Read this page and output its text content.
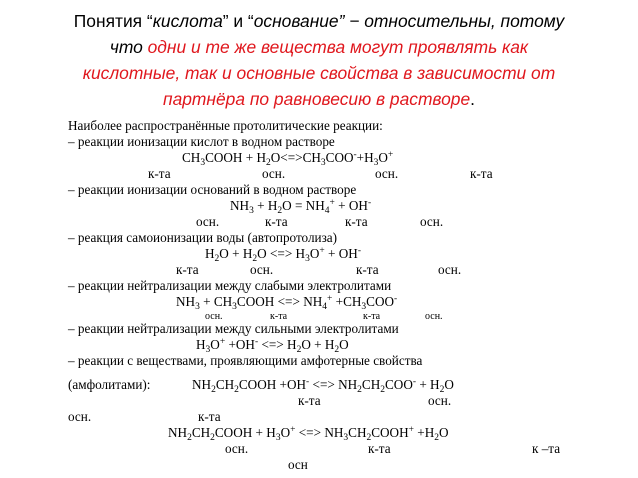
Понятия “кислота” и “основание” − относительны, потому
что одни и те же вещества могут проявлять как
кислотные, так и основные свойства в зависимости от
партнёра по равновесию в растворе.
Наиболее распространённые протолитические реакции:
– реакции ионизации кислот в водном растворе
$CH_3COOH + H_2O<=>CH_3COO^-+H_3O^+$
к-та	осн.	осн.	к-та
– реакции ионизации оснований в водном растворе
$NH_3 + H_2O = NH_4^+ + OH^-$
осн.	к-та	к-та	осн.
– реакция самоионизации воды (автопротолиза)
$H_2O + H_2O$ <=> $H_3O^+ + OH^-$
к-та	осн.	к-та	осн.
– реакции нейтрализации между слабыми электролитами
$NH_3$ + $CH_3COOH$ <=> $NH_4^+ +CH_3COO^-$
осн.	к-та	к-та	осн.
– реакции нейтрализации между сильными электролитами
$H_3O^+ +OH^-$ <=> $H_2O + H_2O$
– реакции с веществами, проявляющими амфотерные свойства
(амфолитами):	$NH_2CH_2COOH +OH^-$ <=> $NH_2CH_2COO^- + H_2O$
к-та	осн.
осн.	к-та
$NH_2CH_2COOH + H_3O^+$ <=> $NH_3CH_2COOH^+ +H_2O$
осн.	к-та	к –та
осн
